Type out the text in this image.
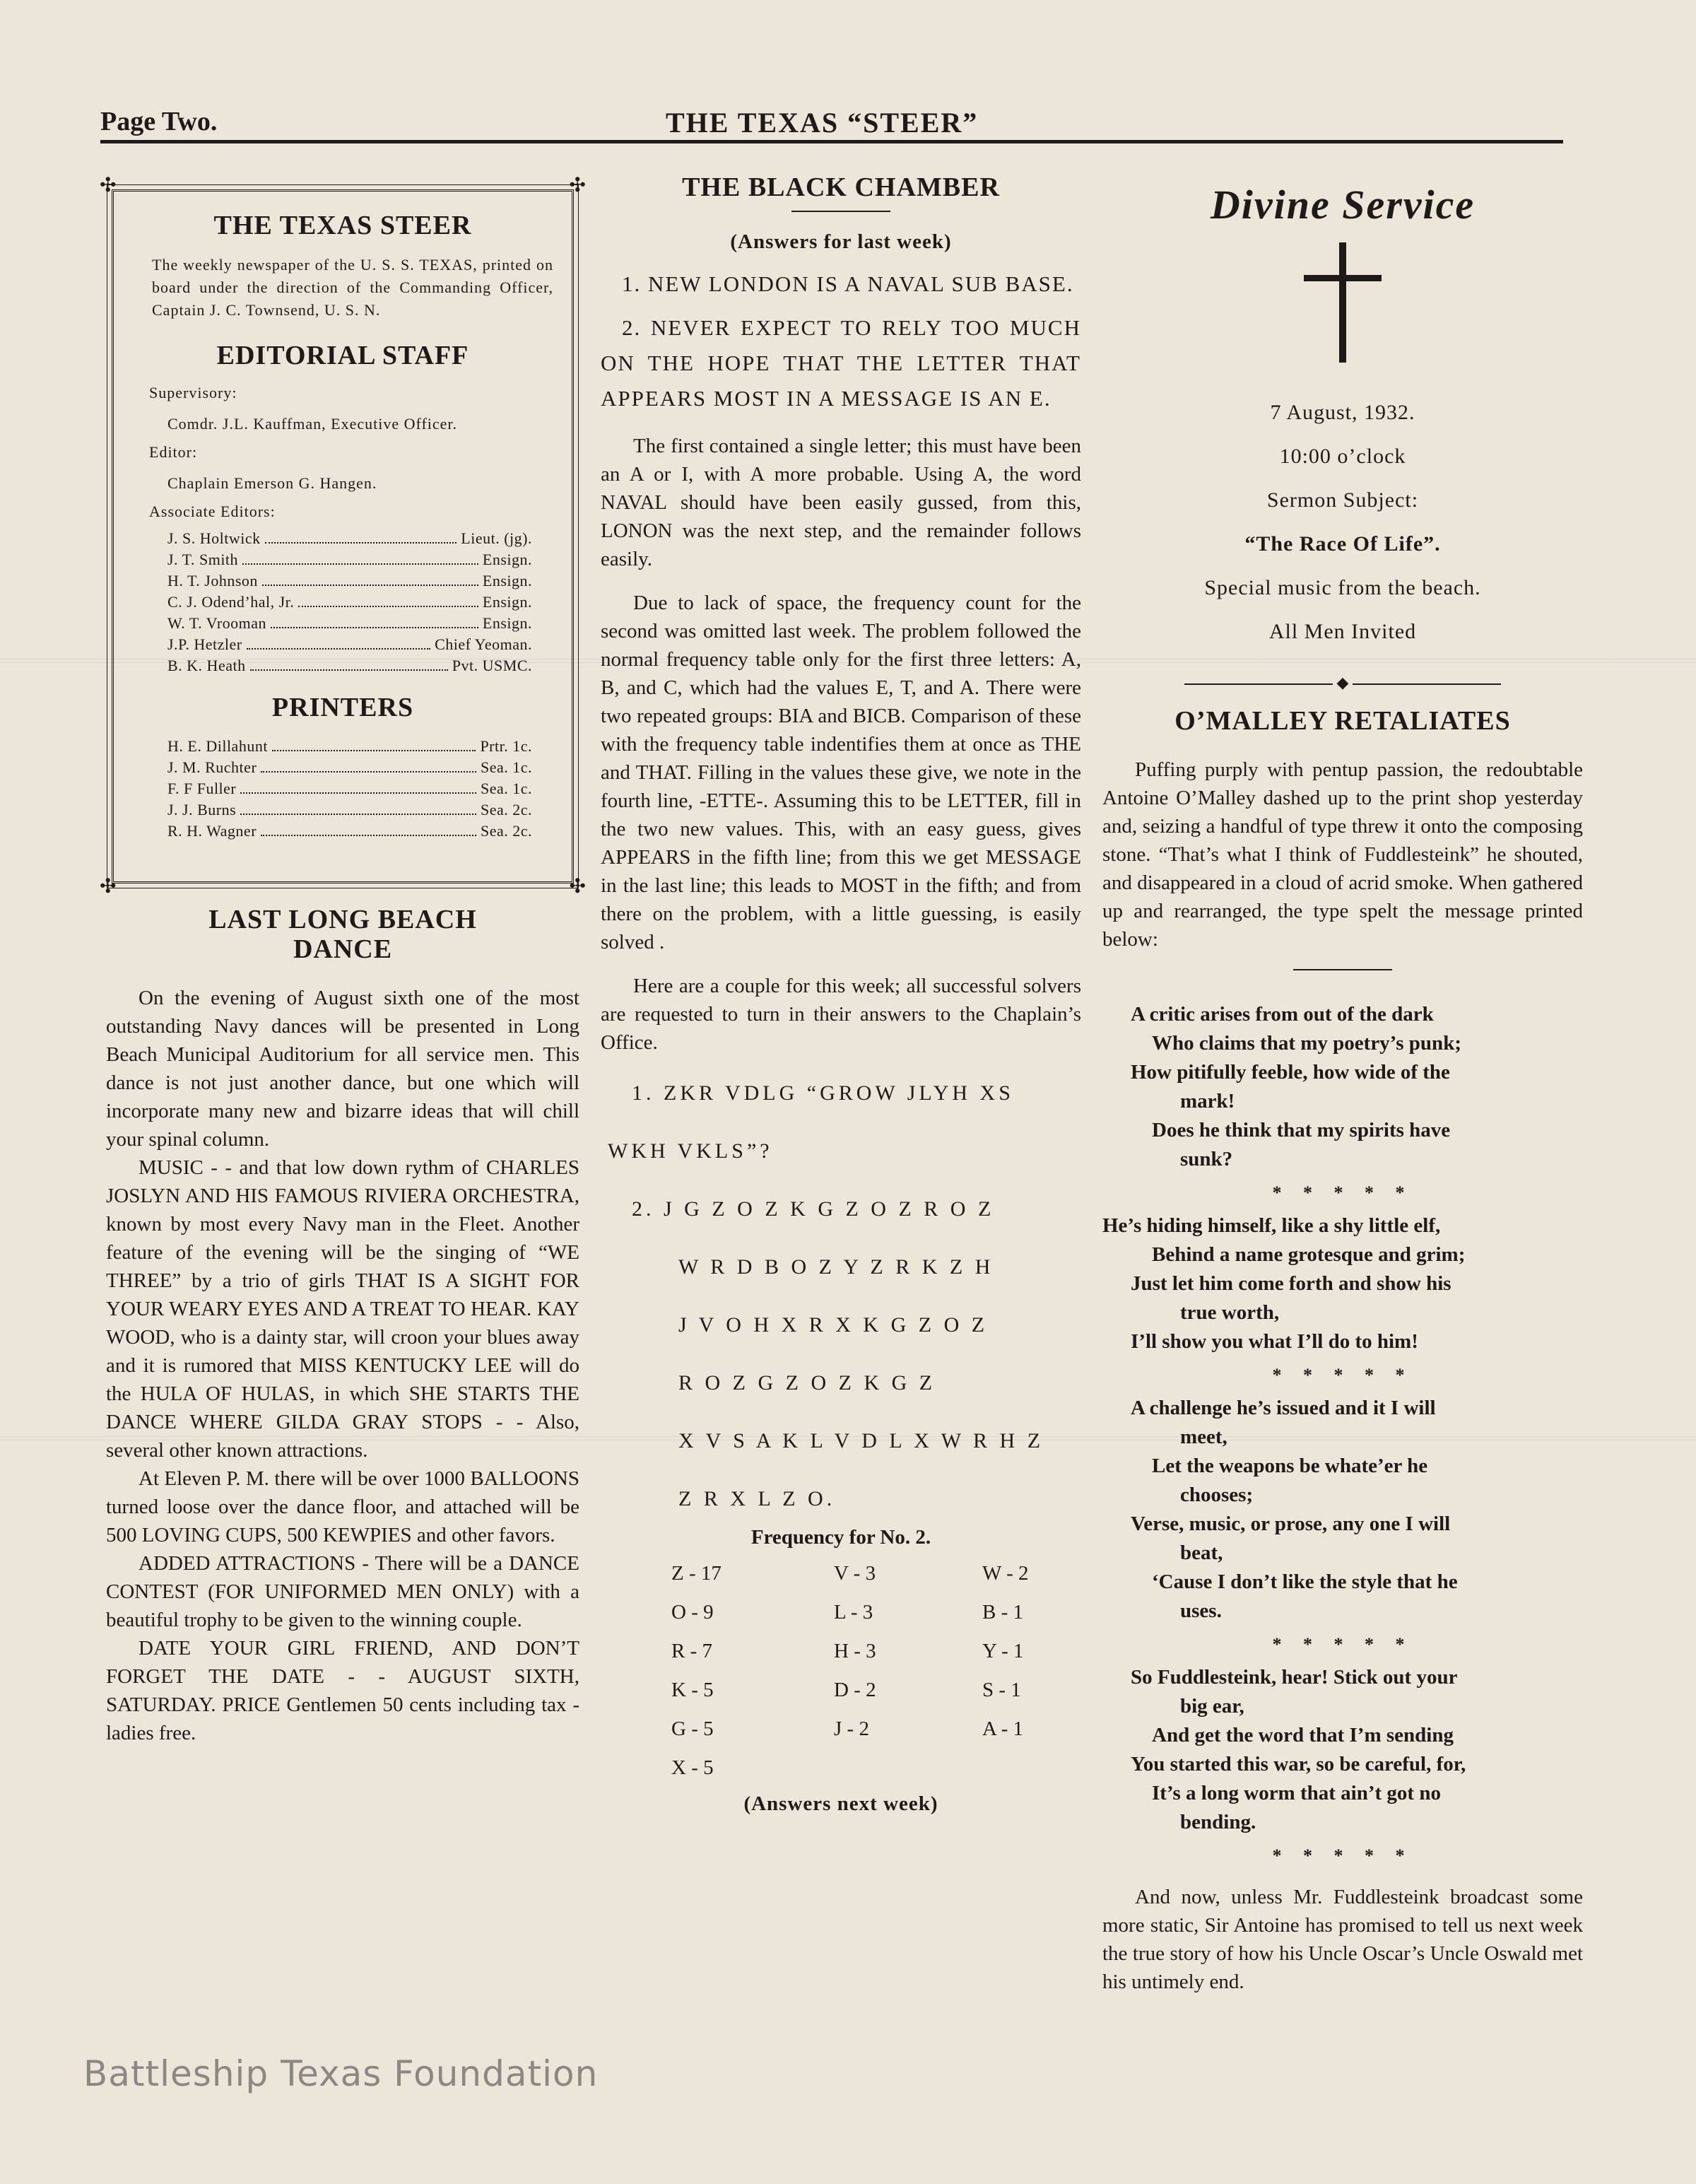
Page Two.	THE TEXAS “STEER”
✣	✣
✣	✣
THE TEXAS STEER

The weekly newspaper of the U. S. S. TEXAS, printed on board under the direction of the Commanding Officer, Captain J. C. Townsend, U. S. N.

EDITORIAL STAFF
Supervisory:
Comdr. J.L. Kauffman, Executive Officer.
Editor:
Chaplain Emerson G. Hangen.
Associate Editors:
J. S. Holtwick	Lieut. (jg).
J. T. Smith	Ensign.
H. T. Johnson	Ensign.
C. J. Odend’hal, Jr.	Ensign.
W. T. Vrooman	Ensign.
J.P. Hetzler	Chief Yeoman.
B. K. Heath	Pvt. USMC.
PRINTERS
H. E. Dillahunt	Prtr. 1c.
J. M. Ruchter	Sea. 1c.
F. F Fuller	Sea. 1c.
J. J. Burns	Sea. 2c.
R. H. Wagner	Sea. 2c.
LAST LONG BEACH
DANCE

On the evening of August sixth one of the most outstanding Navy dances will be presented in Long Beach Municipal Auditorium for all service men. This dance is not just another dance, but one which will incorporate many new and bizarre ideas that will chill your spinal column.

MUSIC - - and that low down rythm of CHARLES JOSLYN AND HIS FAMOUS RIVIERA ORCHESTRA, known by most every Navy man in the Fleet. Another feature of the evening will be the singing of “WE THREE” by a trio of girls THAT IS A SIGHT FOR YOUR WEARY EYES AND A TREAT TO HEAR. KAY WOOD, who is a dainty star, will croon your blues away and it is rumored that MISS KENTUCKY LEE will do the HULA OF HULAS, in which SHE STARTS THE DANCE WHERE GILDA GRAY STOPS - - Also, several other known attractions.

At Eleven P. M. there will be over 1000 BALLOONS turned loose over the dance floor, and attached will be 500 LOVING CUPS, 500 KEWPIES and other favors.

ADDED ATTRACTIONS - There will be a DANCE CONTEST (FOR UNIFORMED MEN ONLY) with a beautiful trophy to be given to the winning couple.

DATE YOUR GIRL FRIEND, AND DON’T FORGET THE DATE - - AUGUST SIXTH, SATURDAY. PRICE Gentlemen 50 cents including tax - ladies free.

THE BLACK CHAMBER
(Answers for last week)

1. NEW LONDON IS A NAVAL SUB BASE.

2. NEVER EXPECT TO RELY TOO MUCH ON THE HOPE THAT THE LETTER THAT APPEARS MOST IN A MESSAGE IS AN E.

The first contained a single letter; this must have been an A or I, with A more probable. Using A, the word NAVAL should have been easily gussed, from this, LONON was the next step, and the remainder follows easily.

Due to lack of space, the frequency count for the second was omitted last week. The problem followed the normal frequency table only for the first three letters: A, B, and C, which had the values E, T, and A. There were two repeated groups: BIA and BICB. Comparison of these with the frequency table indentifies them at once as THE and THAT. Filling in the values these give, we note in the fourth line, -ETTE-. Assuming this to be LETTER, fill in the two new values. This, with an easy guess, gives APPEARS in the fifth line; from this we get MESSAGE in the last line; this leads to MOST in the fifth; and from there on the problem, with a little guessing, is easily solved .

Here are a couple for this week; all successful solvers are requested to turn in their answers to the Chaplain’s Office.

1. ZKR VDLG “GROW JLYH XS
WKH VKLS”?
2. J G Z O Z K G Z O Z R O Z
W R D B O Z Y Z R K Z H
J V O H X R X K G Z O Z
R O Z G Z O Z K G Z
X V S A K L V D L X W R H Z
Z R X L Z O.
Frequency for No. 2.
Z - 17	V - 3	W - 2
O - 9	L - 3	B - 1
R - 7	H - 3	Y - 1
K - 5	D - 2	S - 1
G - 5	J - 2	A - 1
X - 5
(Answers next week)
Divine Service

7 August, 1932.

10:00 o’clock

Sermon Subject:

“The Race Of Life”.

Special music from the beach.

All Men Invited

◆
O’MALLEY RETALIATES

Puffing purply with pentup passion, the redoubtable Antoine O’Malley dashed up to the print shop yesterday and, seizing a handful of type threw it onto the composing stone. “That’s what I think of Fuddlesteink” he shouted, and disappeared in a cloud of acrid smoke. When gathered up and rearranged, the type spelt the message printed below:

A critic arises from out of the dark
Who claims that my poetry’s punk;
How pitifully feeble, how wide of the
mark!
Does he think that my spirits have
sunk?
* * * * *
He’s hiding himself, like a shy little elf,
Behind a name grotesque and grim;
Just let him come forth and show his
true worth,
I’ll show you what I’ll do to him!
* * * * *
A challenge he’s issued and it I will
meet,
Let the weapons be whate’er he
chooses;
Verse, music, or prose, any one I will
beat,
‘Cause I don’t like the style that he
uses.
* * * * *
So Fuddlesteink, hear! Stick out your
big ear,
And get the word that I’m sending
You started this war, so be careful, for,
It’s a long worm that ain’t got no
bending.
* * * * *

And now, unless Mr. Fuddlesteink broadcast some more static, Sir Antoine has promised to tell us next week the true story of how his Uncle Oscar’s Uncle Oswald met his untimely end.

Battleship Texas Foundation
